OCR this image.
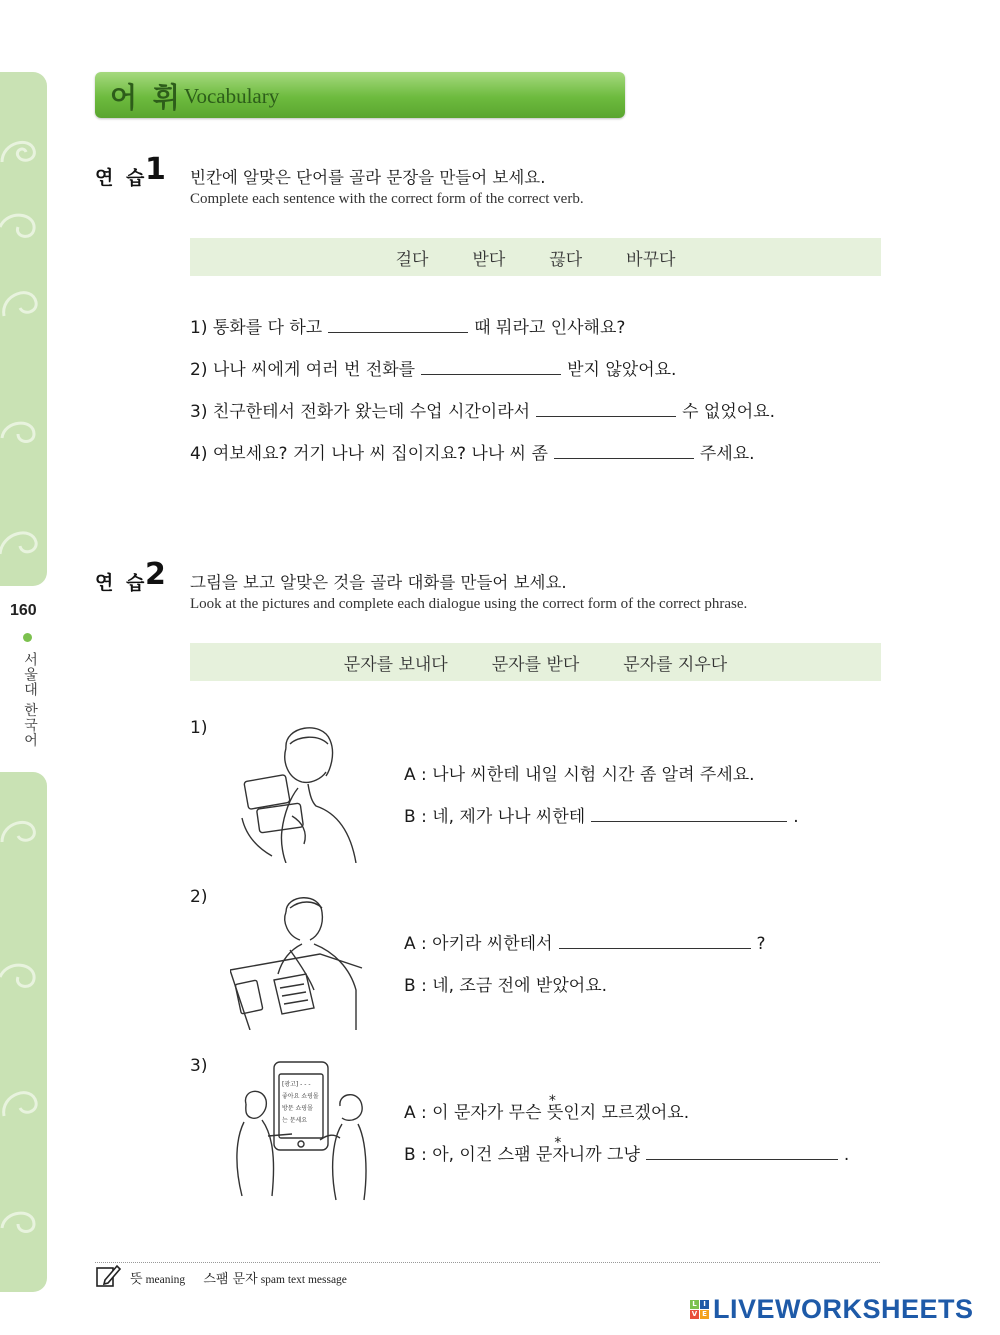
160
서울대 한국어
어 휘 Vocabulary
연 습
1 빈칸에 알맞은 단어를 골라 문장을 만들어 보세요.
Complete each sentence with the correct form of the correct verb.
걸다	받다	끊다	바꾸다
1) 통화를 다 하고	때 뭐라고 인사해요?
2) 나나 씨에게 여러 번 전화를	받지 않았어요.
3) 친구한테서 전화가 왔는데 수업 시간이라서	수 없었어요.
4) 여보세요? 거기 나나 씨 집이지요? 나나 씨 좀	주세요.
연 습
2 그림을 보고 알맞은 것을 골라 대화를 만들어 보세요.
Look at the pictures and complete each dialogue using the correct form of the correct phrase.
문자를 보내다	문자를 받다	문자를 지우다
1)
A : 나나 씨한테 내일 시험 시간 좀 알려 주세요.
B : 네, 제가 나나 씨한테	.
2)
A : 아키라 씨한테서	?
B : 네, 조금 전에 받았어요.
3)
[광고] - - -
좋아요 쇼핑몰
방문 쇼핑몰
는 문세요	A : 이 문자가 무슨 뜻 *인지 모르겠어요.
B : 아, 이건 스팸 문자 *니까 그냥	.
뜻 meaning 스팸 문자 spam text message
L I
V E LIVEWORKSHEETS
